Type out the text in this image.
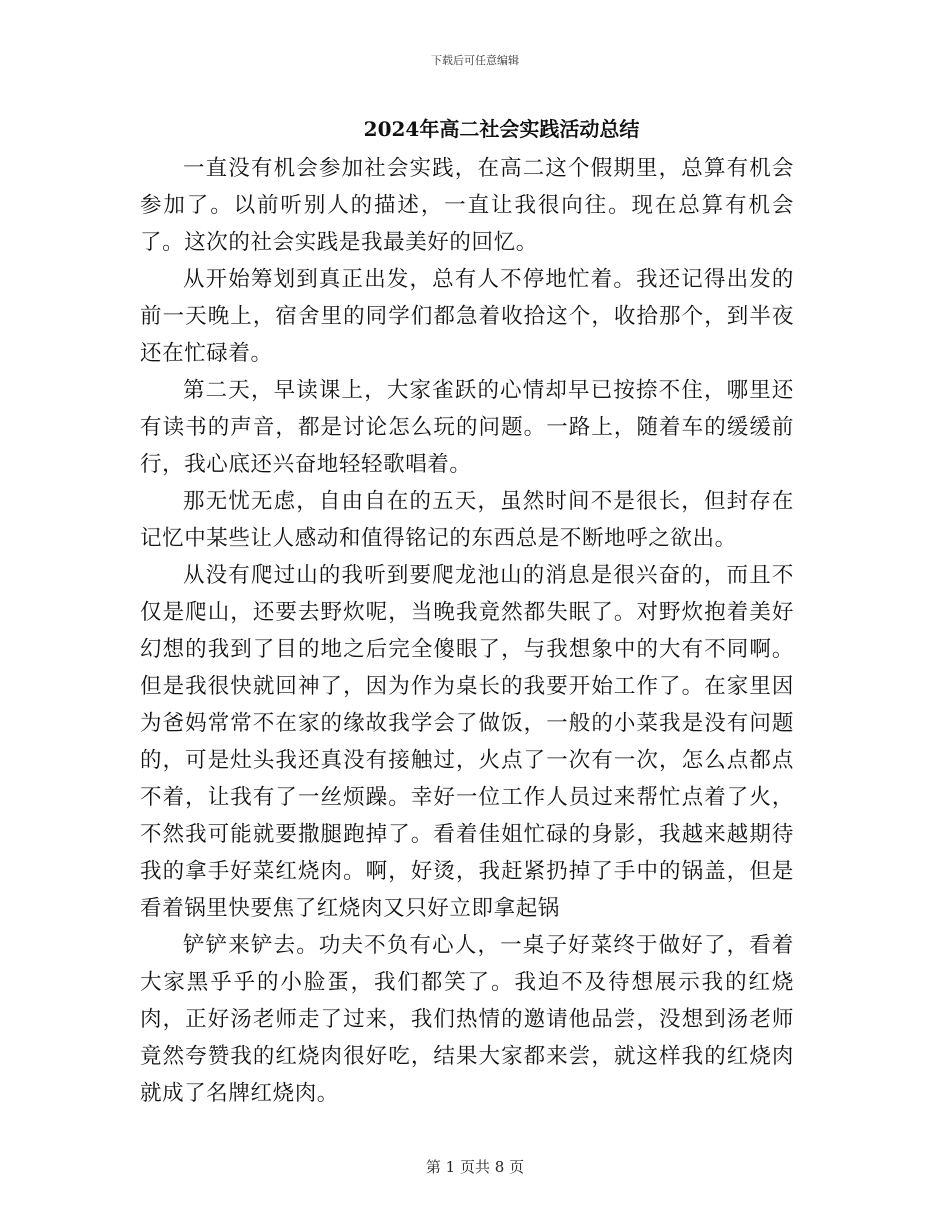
下载后可任意编辑
2024年高二社会实践活动总结

一直没有机会参加社会实践，在高二这个假期里，总算有机会参加了。以前听别人的描述，一直让我很向往。现在总算有机会了。这次的社会实践是我最美好的回忆。

从开始筹划到真正出发，总有人不停地忙着。我还记得出发的前一天晚上，宿舍里的同学们都急着收拾这个，收拾那个，到半夜还在忙碌着。

第二天，早读课上，大家雀跃的心情却早已按捺不住，哪里还有读书的声音，都是讨论怎么玩的问题。一路上，随着车的缓缓前行，我心底还兴奋地轻轻歌唱着。

那无忧无虑，自由自在的五天，虽然时间不是很长，但封存在记忆中某些让人感动和值得铭记的东西总是不断地呼之欲出。

从没有爬过山的我听到要爬龙池山的消息是很兴奋的，而且不仅是爬山，还要去野炊呢，当晚我竟然都失眠了。对野炊抱着美好幻想的我到了目的地之后完全傻眼了，与我想象中的大有不同啊。但是我很快就回神了，因为作为桌长的我要开始工作了。在家里因为爸妈常常不在家的缘故我学会了做饭，一般的小菜我是没有问题的，可是灶头我还真没有接触过，火点了一次有一次，怎么点都点不着，让我有了一丝烦躁。幸好一位工作人员过来帮忙点着了火，不然我可能就要撒腿跑掉了。看着佳姐忙碌的身影，我越来越期待我的拿手好菜红烧肉。啊，好烫，我赶紧扔掉了手中的锅盖，但是看着锅里快要焦了红烧肉又只好立即拿起锅

铲铲来铲去。功夫不负有心人，一桌子好菜终于做好了，看着大家黑乎乎的小脸蛋，我们都笑了。我迫不及待想展示我的红烧肉，正好汤老师走了过来，我们热情的邀请他品尝，没想到汤老师竟然夸赞我的红烧肉很好吃，结果大家都来尝，就这样我的红烧肉就成了名牌红烧肉。

第 1 页共 8 页
